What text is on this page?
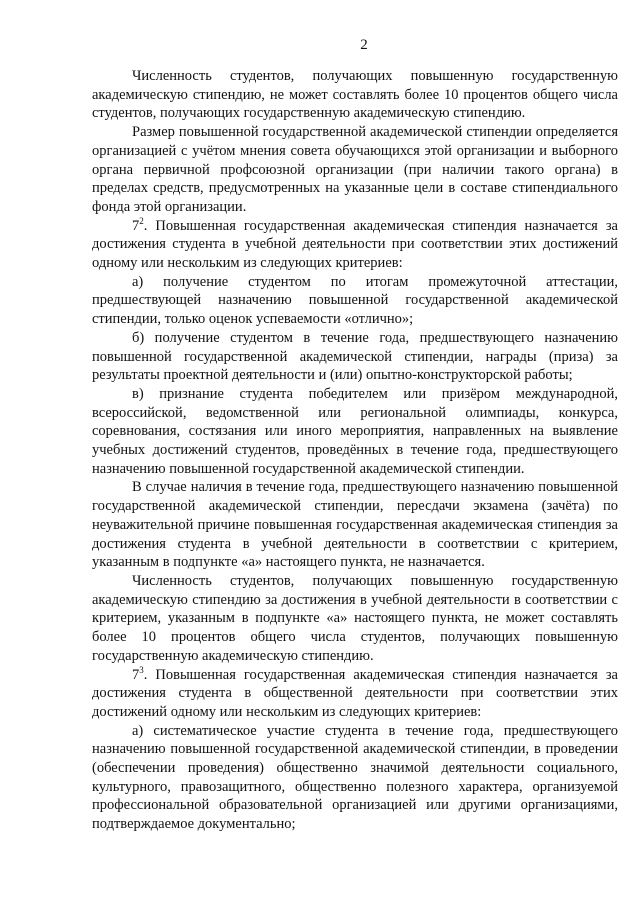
2

Численность студентов, получающих повышенную государственную академическую стипендию, не может составлять более 10 процентов общего числа студентов, получающих государственную академическую стипендию.

Размер повышенной государственной академической стипендии определяется организацией с учётом мнения совета обучающихся этой организации и выборного органа первичной профсоюзной организации (при наличии такого органа) в пределах средств, предусмотренных на указанные цели в составе стипендиального фонда этой организации.

$7^2$. Повышенная государственная академическая стипендия назначается за достижения студента в учебной деятельности при соответствии этих достижений одному или нескольким из следующих критериев:

а) получение студентом по итогам промежуточной аттестации, предшествующей назначению повышенной государственной академической стипендии, только оценок успеваемости «отлично»;

б) получение студентом в течение года, предшествующего назначению повышенной государственной академической стипендии, награды (приза) за результаты проектной деятельности и (или) опытно-конструкторской работы;

в) признание студента победителем или призёром международной, всероссийской, ведомственной или региональной олимпиады, конкурса, соревнования, состязания или иного мероприятия, направленных на выявление учебных достижений студентов, проведённых в течение года, предшествующего назначению повышенной государственной академической стипендии.

В случае наличия в течение года, предшествующего назначению повышенной государственной академической стипендии, пересдачи экзамена (зачёта) по неуважительной причине повышенная государственная академическая стипендия за достижения студента в учебной деятельности в соответствии с критерием, указанным в подпункте «а» настоящего пункта, не назначается.

Численность студентов, получающих повышенную государственную академическую стипендию за достижения в учебной деятельности в соответствии с критерием, указанным в подпункте «а» настоящего пункта, не может составлять более 10 процентов общего числа студентов, получающих повышенную государственную академическую стипендию.

$7^3$. Повышенная государственная академическая стипендия назначается за достижения студента в общественной деятельности при соответствии этих достижений одному или нескольким из следующих критериев:

а) систематическое участие студента в течение года, предшествующего назначению повышенной государственной академической стипендии, в проведении (обеспечении проведения) общественно значимой деятельности социального, культурного, правозащитного, общественно полезного характера, организуемой профессиональной образовательной организацией или другими организациями, подтверждаемое документально;
